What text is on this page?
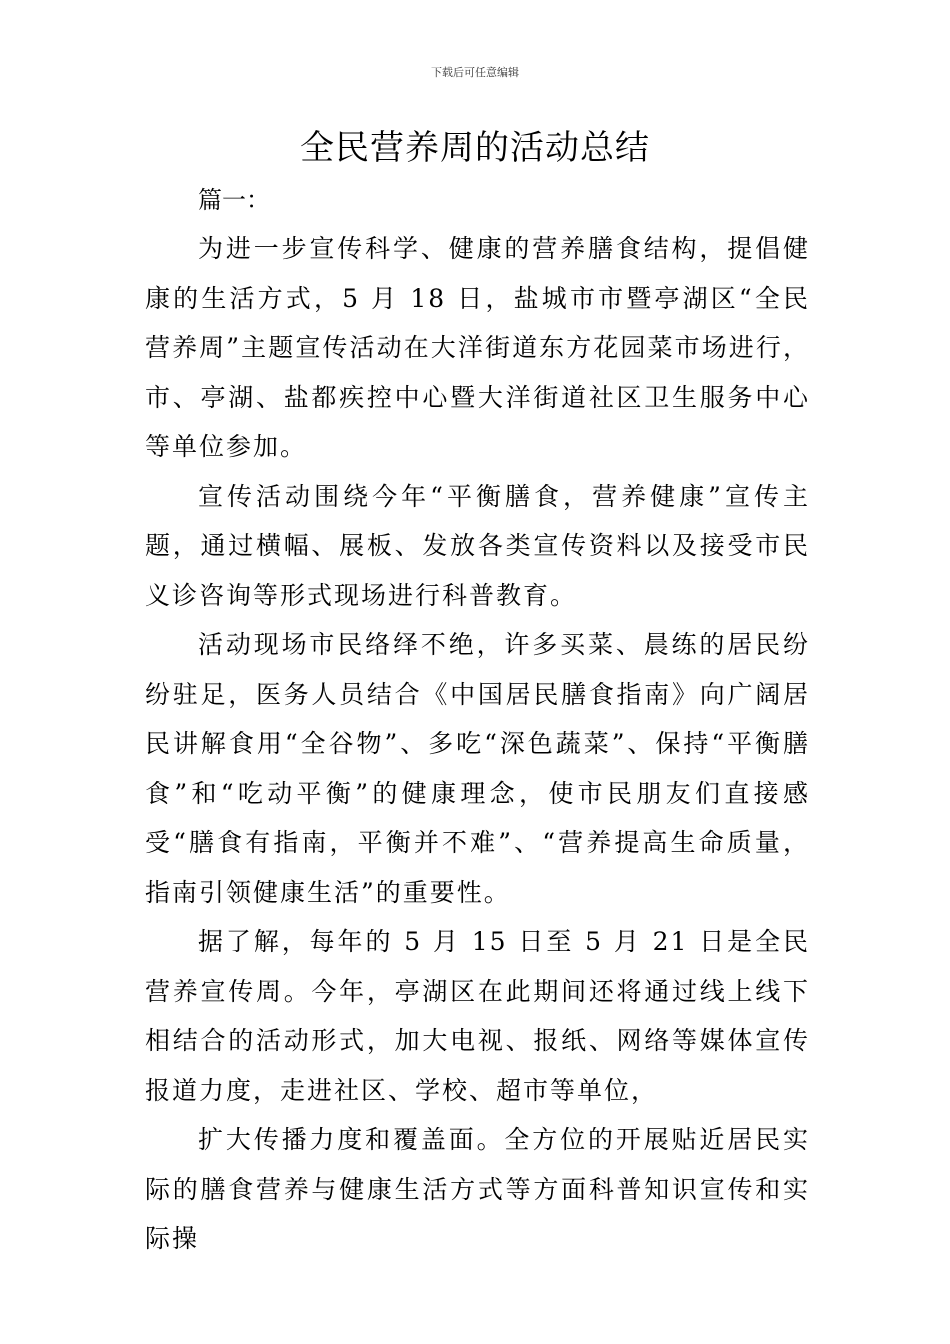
下载后可任意编辑
全民营养周的活动总结
篇一：

为进一步宣传科学、健康的营养膳食结构，提倡健康的生活方式，5 月 18 日，盐城市市暨亭湖区“全民营养周”主题宣传活动在大洋街道东方花园菜市场进行，市、亭湖、盐都疾控中心暨大洋街道社区卫生服务中心等单位参加。

宣传活动围绕今年“平衡膳食，营养健康”宣传主题，通过横幅、展板、发放各类宣传资料以及接受市民义诊咨询等形式现场进行科普教育。

活动现场市民络绎不绝，许多买菜、晨练的居民纷纷驻足，医务人员结合《中国居民膳食指南》向广阔居民讲解食用“全谷物”、多吃“深色蔬菜”、保持“平衡膳食”和“吃动平衡”的健康理念，使市民朋友们直接感受“膳食有指南，平衡并不难”、“营养提高生命质量，指南引领健康生活”的重要性。

据了解，每年的 5 月 15 日至 5 月 21 日是全民营养宣传周。今年，亭湖区在此期间还将通过线上线下相结合的活动形式，加大电视、报纸、网络等媒体宣传报道力度，走进社区、学校、超市等单位，

扩大传播力度和覆盖面。全方位的开展贴近居民实际的膳食营养与健康生活方式等方面科普知识宣传和实际操
